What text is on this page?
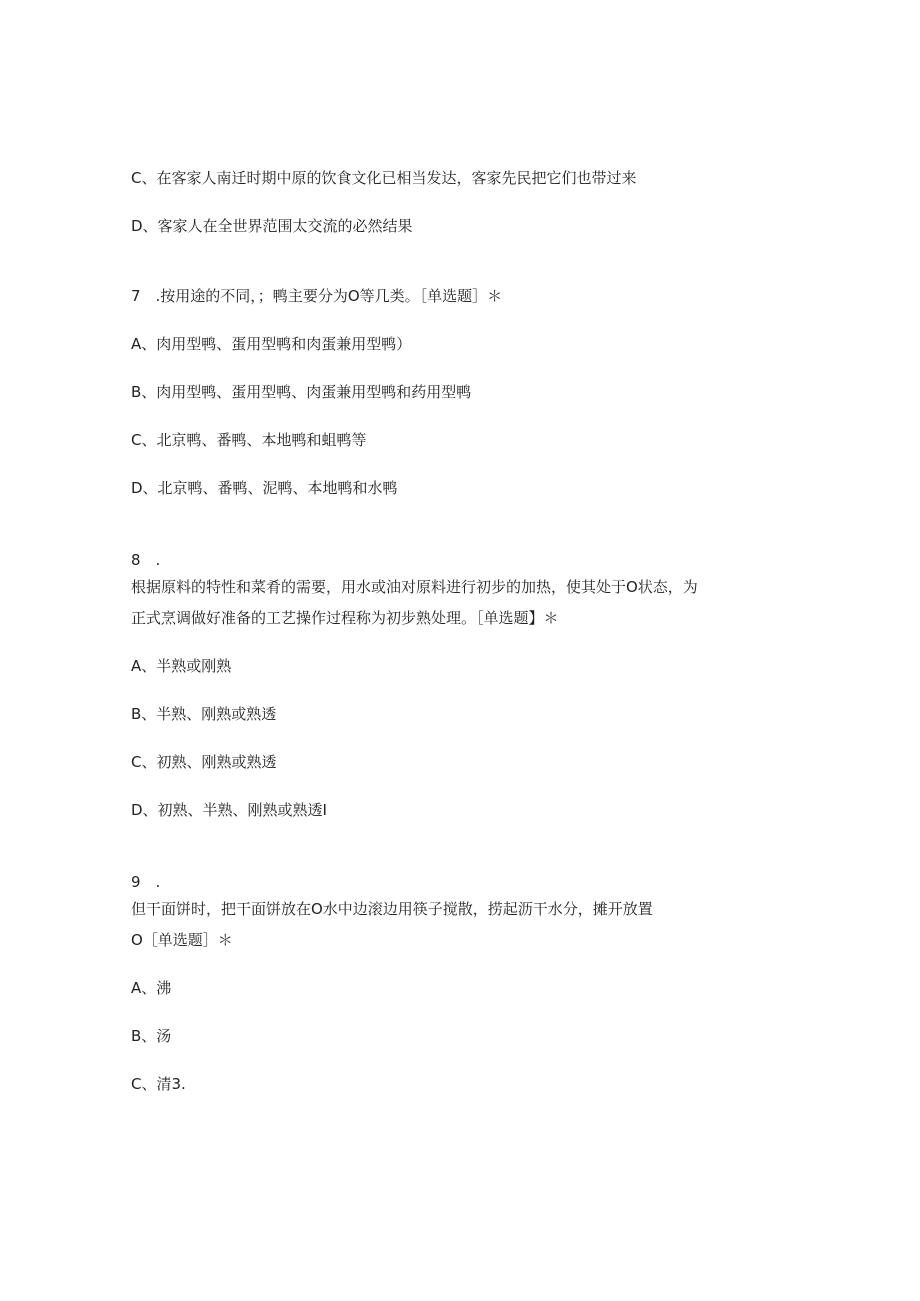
C、在客家人南迁时期中原的饮食文化已相当发达，客家先民把它们也带过来
D、客家人在全世界范围太交流的必然结果
7　.按用途的不同，；鸭主要分为O等几类。［单选题］＊
A、肉用型鸭、蛋用型鸭和肉蛋兼用型鸭）
B、肉用型鸭、蛋用型鸭、肉蛋兼用型鸭和药用型鸭
C、北京鸭、番鸭、本地鸭和蛆鸭等
D、北京鸭、番鸭、泥鸭、本地鸭和水鸭
8　.
根据原料的特性和菜肴的需要，用水或油对原料进行初步的加热，使其处于O状态，为
正式烹调做好准备的工艺操作过程称为初步熟处理。［单选题】＊
A、半熟或刚熟
B、半熟、刚熟或熟透
C、初熟、刚熟或熟透
D、初熟、半熟、刚熟或熟透I
9　.
但干面饼时，把干面饼放在O水中边滚边用筷子搅散，捞起沥干水分，摊开放置
O［单选题］＊
A、沸
B、汤
C、清3.
